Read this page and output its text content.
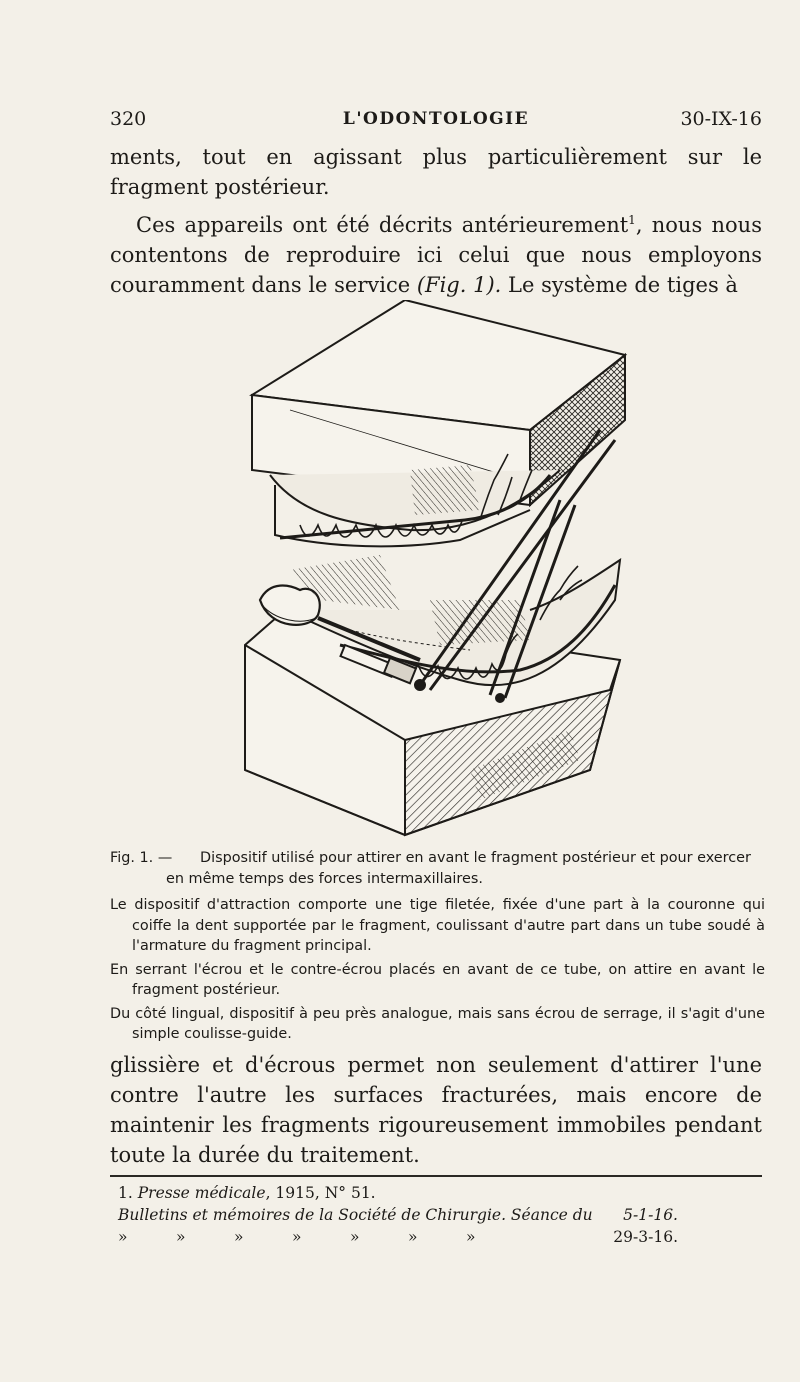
320	L'ODONTOLOGIE	30-IX-16

ments, tout en agissant plus particulièrement sur le fragment postérieur.

Ces appareils ont été décrits antérieurement$^1$, nous nous contentons de reproduire ici celui que nous employons couramment dans le service (Fig. 1). Le système de tiges à

Fig. 1. — Dispositif utilisé pour attirer en avant le fragment postérieur et pour exercer en même temps des forces intermaxillaires.

Le dispositif d'attraction comporte une tige filetée, fixée d'une part à la couronne qui coiffe la dent supportée par le fragment, coulissant d'autre part dans un tube soudé à l'armature du fragment principal.

En serrant l'écrou et le contre-écrou placés en avant de ce tube, on attire en avant le fragment postérieur.

Du côté lingual, dispositif à peu près analogue, mais sans écrou de serrage, il s'agit d'une simple coulisse-guide.

glissière et d'écrous permet non seulement d'attirer l'une contre l'autre les surfaces fracturées, mais encore de maintenir les fragments rigoureusement immobiles pendant toute la durée du traitement.

1. Presse médicale, 1915, N° 51.
Bulletins et mémoires de la Société de Chirurgie. Séance du 5-1-16.
»	»	»	»	»	»	»	29-3-16.
